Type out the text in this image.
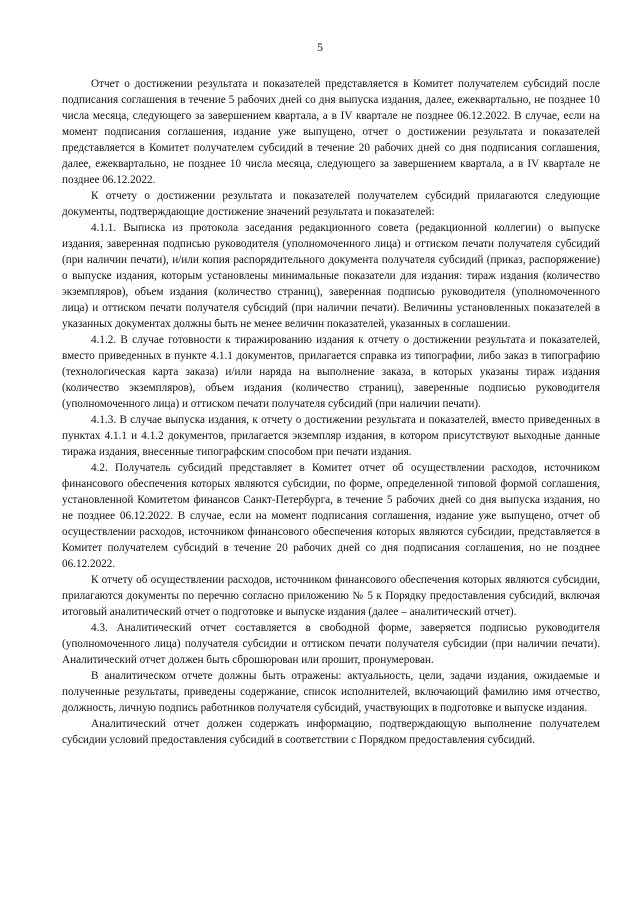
5

Отчет о достижении результата и показателей представляется в Комитет получателем субсидий после подписания соглашения в течение 5 рабочих дней со дня выпуска издания, далее, ежеквартально, не позднее 10 числа месяца, следующего за завершением квартала, а в IV квартале не позднее 06.12.2022. В случае, если на момент подписания соглашения, издание уже выпущено, отчет о достижении результата и показателей представляется в Комитет получателем субсидий в течение 20 рабочих дней со дня подписания соглашения, далее, ежеквартально, не позднее 10 числа месяца, следующего за завершением квартала, а в IV квартале не позднее 06.12.2022.

К отчету о достижении результата и показателей получателем субсидий прилагаются следующие документы, подтверждающие достижение значений результата и показателей:

4.1.1. Выписка из протокола заседания редакционного совета (редакционной коллегии) о выпуске издания, заверенная подписью руководителя (уполномоченного лица) и оттиском печати получателя субсидий (при наличии печати), и/или копия распорядительного документа получателя субсидий (приказ, распоряжение) о выпуске издания, которым установлены минимальные показатели для издания: тираж издания (количество экземпляров), объем издания (количество страниц), заверенная подписью руководителя (уполномоченного лица) и оттиском печати получателя субсидий (при наличии печати). Величины установленных показателей в указанных документах должны быть не менее величин показателей, указанных в соглашении.

4.1.2. В случае готовности к тиражированию издания к отчету о достижении результата и показателей, вместо приведенных в пункте 4.1.1 документов, прилагается справка из типографии, либо заказ в типографию (технологическая карта заказа) и/или наряда на выполнение заказа, в которых указаны тираж издания (количество экземпляров), объем издания (количество страниц), заверенные подписью руководителя (уполномоченного лица) и оттиском печати получателя субсидий (при наличии печати).

4.1.3. В случае выпуска издания, к отчету о достижении результата и показателей, вместо приведенных в пунктах 4.1.1 и 4.1.2 документов, прилагается экземпляр издания, в котором присутствуют выходные данные тиража издания, внесенные типографским способом при печати издания.

4.2. Получатель субсидий представляет в Комитет отчет об осуществлении расходов, источником финансового обеспечения которых являются субсидии, по форме, определенной типовой формой соглашения, установленной Комитетом финансов Санкт-Петербурга, в течение 5 рабочих дней со дня выпуска издания, но не позднее 06.12.2022. В случае, если на момент подписания соглашения, издание уже выпущено, отчет об осуществлении расходов, источником финансового обеспечения которых являются субсидии, представляется в Комитет получателем субсидий в течение 20 рабочих дней со дня подписания соглашения, но не позднее 06.12.2022.

К отчету об осуществлении расходов, источником финансового обеспечения которых являются субсидии, прилагаются документы по перечню согласно приложению № 5 к Порядку предоставления субсидий, включая итоговый аналитический отчет о подготовке и выпуске издания (далее – аналитический отчет).

4.3. Аналитический отчет составляется в свободной форме, заверяется подписью руководителя (уполномоченного лица) получателя субсидии и оттиском печати получателя субсидии (при наличии печати). Аналитический отчет должен быть сброшюрован или прошит, пронумерован.

В аналитическом отчете должны быть отражены: актуальность, цели, задачи издания, ожидаемые и полученные результаты, приведены содержание, список исполнителей, включающий фамилию имя отчество, должность, личную подпись работников получателя субсидий, участвующих в подготовке и выпуске издания.

Аналитический отчет должен содержать информацию, подтверждающую выполнение получателем субсидии условий предоставления субсидий в соответствии с Порядком предоставления субсидий.
